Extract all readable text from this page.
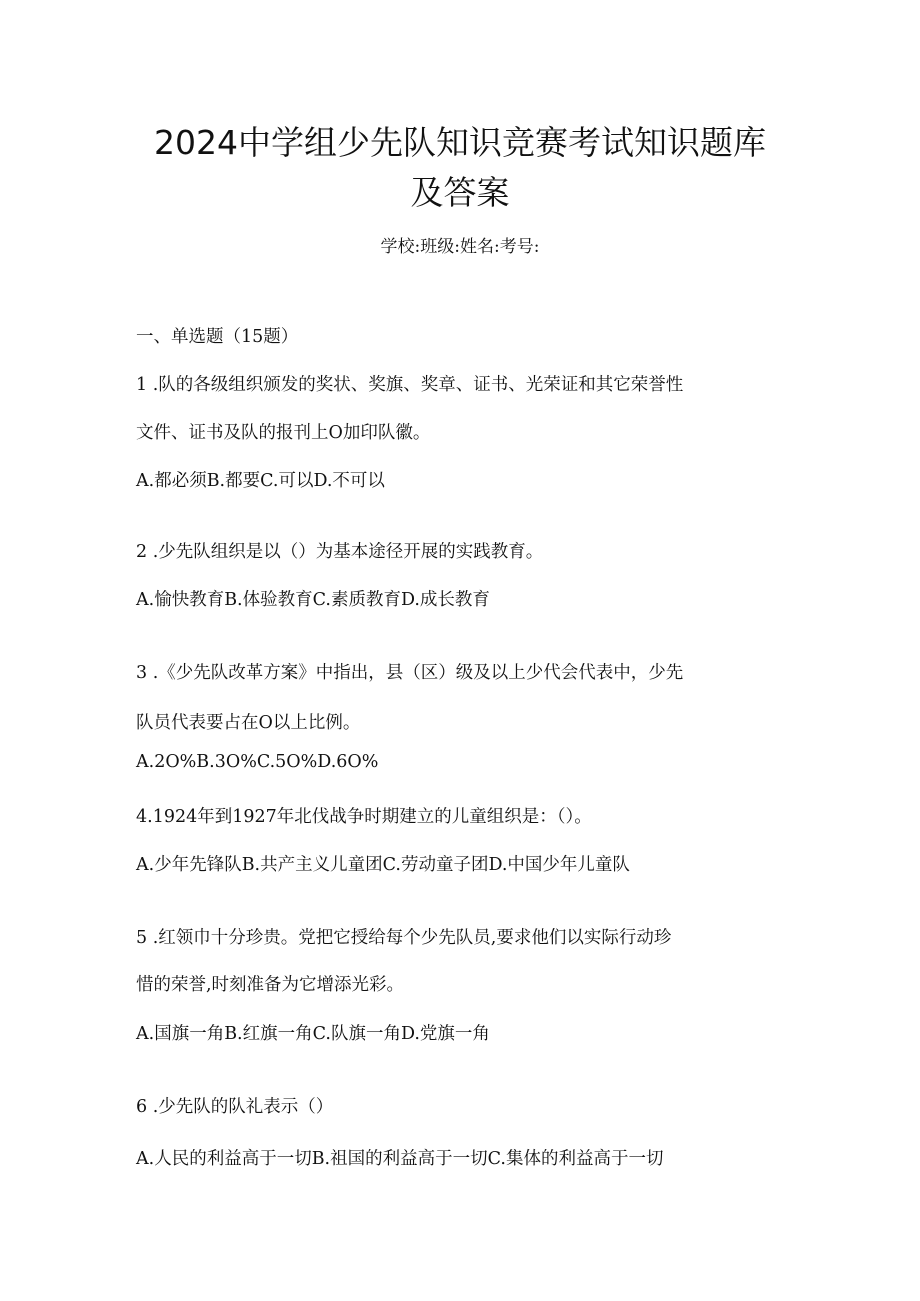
2024中学组少先队知识竞赛考试知识题库
及答案
学校:班级:姓名:考号:
一、单选题（15题）
1 .队的各级组织颁发的奖状、奖旗、奖章、证书、光荣证和其它荣誉性
文件、证书及队的报刊上O加印队徽。
A.都必须B.都要C.可以D.不可以
2 .少先队组织是以（）为基本途径开展的实践教育。
A.愉快教育B.体验教育C.素质教育D.成长教育
3 .《少先队改革方案》中指出，县（区）级及以上少代会代表中，少先
队员代表要占在O以上比例。
A.2O%B.3O%C.5O%D.6O%
4.1924年到1927年北伐战争时期建立的儿童组织是：（）。
A.少年先锋队B.共产主义儿童团C.劳动童子团D.中国少年儿童队
5 .红领巾十分珍贵。党把它授给每个少先队员,要求他们以实际行动珍
惜的荣誉,时刻准备为它增添光彩。
A.国旗一角B.红旗一角C.队旗一角D.党旗一角
6 .少先队的队礼表示（）
A.人民的利益高于一切B.祖国的利益高于一切C.集体的利益高于一切
